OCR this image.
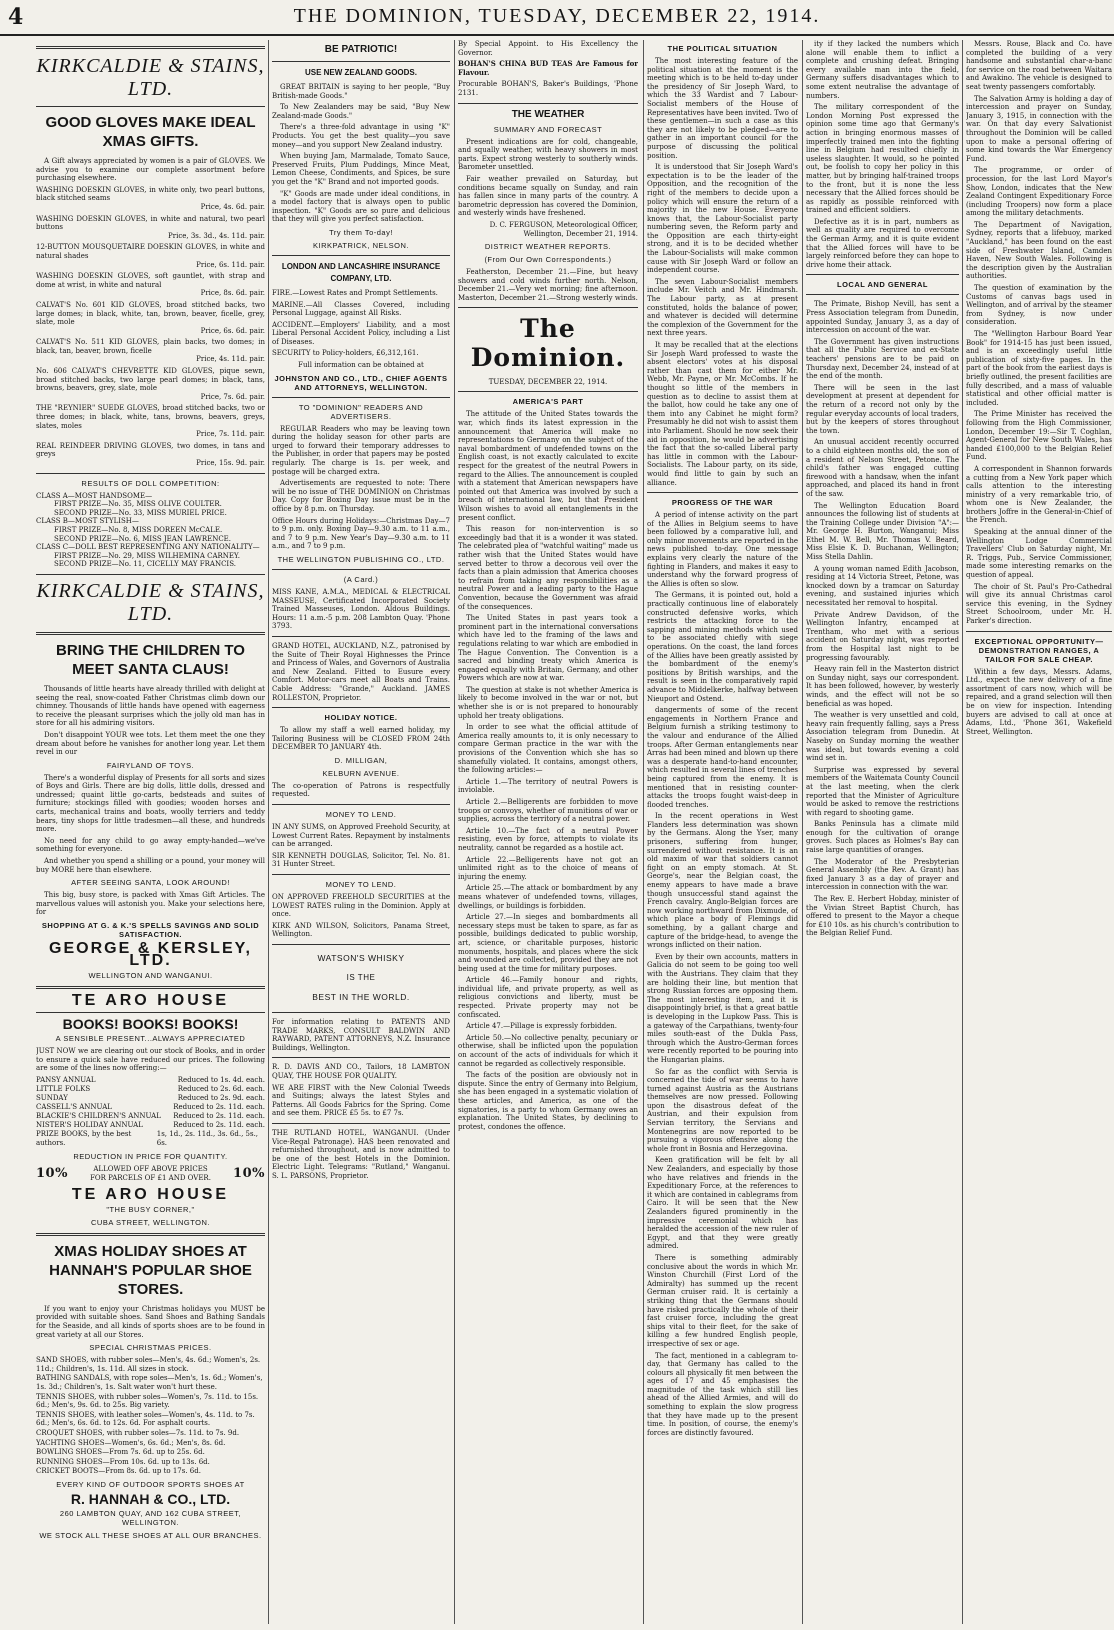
4	THE DOMINION, TUESDAY, DECEMBER 22, 1914.
KIRKCALDIE & STAINS, LTD.
GOOD GLOVES MAKE IDEAL XMAS GIFTS.

A Gift always appreciated by women is a pair of GLOVES. We advise you to examine our complete assortment before purchasing elsewhere.

WASHING DOESKIN GLOVES, in white only, two pearl buttons, black stitched seams
Price, 4s. 6d. pair.
WASHING DOESKIN GLOVES, in white and natural, two pearl buttons
Price, 3s. 3d., 4s. 11d. pair.
12-BUTTON MOUSQUETAIRE DOESKIN GLOVES, in white and natural shades
Price, 6s. 11d. pair.
WASHING DOESKIN GLOVES, soft gauntlet, with strap and dome at wrist, in white and natural
Price, 8s. 6d. pair.
CALVAT'S No. 601 KID GLOVES, broad stitched backs, two large domes; in black, white, tan, brown, beaver, ficelle, grey, slate, mole
Price, 6s. 6d. pair.
CALVAT'S No. 511 KID GLOVES, plain backs, two domes; in black, tan, beaver, brown, ficelle
Price, 4s. 11d. pair.
No. 606 CALVAT'S CHEVRETTE KID GLOVES, pique sewn, broad stitched backs, two large pearl domes; in black, tans, browns, beavers, grey, slate, mole
Price, 7s. 6d. pair.
THE "REYNIER" SUEDE GLOVES, broad stitched backs, two or three domes; in black, white, tans, browns, beavers, greys, slates, moles
Price, 7s. 11d. pair.
REAL REINDEER DRIVING GLOVES, two domes, in tans and greys
Price, 15s. 9d. pair.
RESULTS OF DOLL COMPETITION:
CLASS A—MOST HANDSOME—
FIRST PRIZE—No. 35, MISS OLIVE COULTER.
SECOND PRIZE—No. 33, MISS MURIEL PRICE.
CLASS B—MOST STYLISH—
FIRST PRIZE—No. 8, MISS DOREEN McCALE.
SECOND PRIZE—No. 6, MISS JEAN LAWRENCE.
CLASS C—DOLL BEST REPRESENTING ANY NATIONALITY—
FIRST PRIZE—No. 29, MISS WILHEMINA CARNEY.
SECOND PRIZE—No. 11, CICELLY MAY FRANCIS.
KIRKCALDIE & STAINS, LTD.
BRING THE CHILDREN TO MEET SANTA CLAUS!

Thousands of little hearts have already thrilled with delight at seeing the real, snow-coated Father Christmas climb down our chimney. Thousands of little hands have opened with eagerness to receive the pleasant surprises which the jolly old man has in store for all his admiring visitors.

Don't disappoint YOUR wee tots. Let them meet the one they dream about before he vanishes for another long year. Let them revel in our

FAIRYLAND OF TOYS.

There's a wonderful display of Presents for all sorts and sizes of Boys and Girls. There are big dolls, little dolls, dressed and undressed; quaint little go-carts, bedsteads and suites of furniture; stockings filled with goodies; wooden horses and carts, mechanical trains and boats, woolly terriers and teddy bears, tiny shops for little tradesmen—all these, and hundreds more.

No need for any child to go away empty-handed—we've something for everyone.

And whether you spend a shilling or a pound, your money will buy MORE here than elsewhere.

AFTER SEEING SANTA, LOOK AROUND!

This big, busy store, is packed with Xmas Gift Articles. The marvellous values will astonish you. Make your selections here, for

SHOPPING AT G. & K.'S SPELLS SAVINGS AND SOLID SATISFACTION.
GEORGE & KERSLEY, LTD.
WELLINGTON AND WANGANUI.
TE ARO HOUSE
BOOKS! BOOKS! BOOKS!
A SENSIBLE PRESENT...ALWAYS APPRECIATED

JUST NOW we are clearing out our stock of Books, and in order to ensure a quick sale have reduced our prices. The following are some of the lines now offering:—

PANSY ANNUAL	Reduced to 1s. 4d. each.
LITTLE FOLKS	Reduced to 2s. 6d. each.
SUNDAY	Reduced to 2s. 9d. each.
CASSELL'S ANNUAL	Reduced to 2s. 11d. each.
BLACKIE'S CHILDREN'S ANNUAL Reduced to 2s. 11d. each.
NISTER'S HOLIDAY ANNUAL	Reduced to 2s. 11d. each.
PRIZE BOOKS, by the best authors.
1s, 1d., 2s. 11d., 3s. 6d., 5s., 6s.
REDUCTION IN PRICE FOR QUANTITY.
10%	ALLOWED OFF ABOVE PRICES
FOR PARCELS OF £1 AND OVER. 10%
TE ARO HOUSE
"THE BUSY CORNER,"
CUBA STREET, WELLINGTON.
XMAS HOLIDAY SHOES AT HANNAH'S POPULAR SHOE STORES.

If you want to enjoy your Christmas holidays you MUST be provided with suitable shoes. Sand Shoes and Bathing Sandals for the Seaside, and all kinds of sports shoes are to be found in great variety at all our Stores.

SPECIAL CHRISTMAS PRICES.
SAND SHOES, with rubber soles—Men's, 4s. 6d.; Women's, 2s. 11d.; Children's, 1s. 11d. All sizes in stock.
BATHING SANDALS, with rope soles—Men's, 1s. 6d.; Women's, 1s. 3d.; Children's, 1s. Salt water won't hurt these.
TENNIS SHOES, with rubber soles—Women's, 7s. 11d. to 15s. 6d.; Men's, 9s. 6d. to 25s. Big variety.
TENNIS SHOES, with leather soles—Women's, 4s. 11d. to 7s. 6d.; Men's, 6s. 6d. to 12s. 6d. For asphalt courts.
CROQUET SHOES, with rubber soles—7s. 11d. to 7s. 9d.
YACHTING SHOES—Women's, 6s. 6d.; Men's, 8s. 6d.
BOWLING SHOES—From 7s. 6d. up to 25s. 6d.
RUNNING SHOES—From 10s. 6d. up to 13s. 6d.
CRICKET BOOTS—From 8s. 6d. up to 17s. 6d.
EVERY KIND OF OUTDOOR SPORTS SHOES AT
R. HANNAH & CO., LTD.
260 LAMBTON QUAY, AND 162 CUBA STREET, WELLINGTON.
WE STOCK ALL THESE SHOES AT ALL OUR BRANCHES.
BE PATRIOTIC!
USE NEW ZEALAND GOODS.

GREAT BRITAIN is saying to her people, "Buy British-made Goods."

To New Zealanders may be said, "Buy New Zealand-made Goods."

There's a three-fold advantage in using "K" Products. You get the best quality—you save money—and you support New Zealand industry.

When buying Jam, Marmalade, Tomato Sauce, Preserved Fruits, Plum Puddings, Mince Meat, Lemon Cheese, Condiments, and Spices, be sure you get the "K" Brand and not imported goods.

"K" Goods are made under ideal conditions, in a model factory that is always open to public inspection. "K" Goods are so pure and delicious that they will give you perfect satisfaction.

Try them To-day!
KIRKPATRICK, NELSON.
LONDON AND LANCASHIRE INSURANCE COMPANY, LTD.

FIRE.—Lowest Rates and Prompt Settlements.

MARINE.—All Classes Covered, including Personal Luggage, against All Risks.

ACCIDENT.—Employers' Liability, and a most Liberal Personal Accident Policy, including a List of Diseases.

SECURITY to Policy-holders, £6,312,161.

Full information can be obtained at

JOHNSTON AND CO., LTD., CHIEF AGENTS AND ATTORNEYS, WELLINGTON.
TO "DOMINION" READERS AND ADVERTISERS.

REGULAR Readers who may be leaving town during the holiday season for other parts are urged to forward their temporary addresses to the Publisher, in order that papers may be posted regularly. The charge is 1s. per week, and postage will be charged extra.

Advertisements are requested to note: There will be no issue of THE DOMINION on Christmas Day. Copy for Boxing Day issue must be in the office by 8 p.m. on Thursday.

Office Hours during Holidays:—Christmas Day—7 to 9 p.m. only. Boxing Day—9.30 a.m. to 11 a.m., and 7 to 9 p.m. New Year's Day—9.30 a.m. to 11 a.m., and 7 to 9 p.m.

THE WELLINGTON PUBLISHING CO., LTD.
(A Card.)

MISS KANE, A.M.A., MEDICAL & ELECTRICAL MASSEUSE, Certificated Incorporated Society Trained Masseuses, London. Aldous Buildings. Hours: 11 a.m.-5 p.m. 208 Lambton Quay. 'Phone 3793.

GRAND HOTEL, AUCKLAND, N.Z., patronised by the Suite of Their Royal Highnesses the Prince and Princess of Wales, and Governors of Australia and New Zealand. Fitted to Eusure every Comfort. Motor-cars meet all Boats and Trains. Cable Address: "Grande," Auckland. JAMES ROLLESTON, Proprietor.

HOLIDAY NOTICE.

To allow my staff a well earned holiday, my Tailoring Business will be CLOSED FROM 24th DECEMBER TO JANUARY 4th.

D. MILLIGAN,
KELBURN AVENUE.

The co-operation of Patrons is respectfully requested.

MONEY TO LEND.

IN ANY SUMS, on Approved Freehold Security, at Lowest Current Rates. Repayment by instalments can be arranged.

SIR KENNETH DOUGLAS, Solicitor, Tel. No. 81. 31 Hunter Street.

MONEY TO LEND.

ON APPROVED FREEHOLD SECURITIES at the LOWEST RATES ruling in the Dominion. Apply at once.

KIRK AND WILSON, Solicitors, Panama Street, Wellington.

WATSON'S WHISKY
IS THE
BEST IN THE WORLD.

For information relating to PATENTS AND TRADE MARKS, CONSULT BALDWIN AND RAYWARD, PATENT ATTORNEYS, N.Z. Insurance Buildings, Wellington.

R. D. DAVIS AND CO., Tailors, 18 LAMBTON QUAY, THE HOUSE FOR QUALITY.

WE ARE FIRST with the New Colonial Tweeds and Suitings; always the latest Styles and Patterns. All Goods Fabrics for the Spring. Come and see them. PRICE £5 5s. to £7 7s.

THE RUTLAND HOTEL, WANGANUI. (Under Vice-Regal Patronage). HAS been renovated and refurnished throughout, and is now admitted to be one of the best Hotels in the Dominion. Electric Light. Telegrams: "Rutland," Wanganui. S. L. PARSONS, Proprietor.

By Special Appoint. to His Excellency the Governor.

BOHAN'S CHINA BUD TEAS Are Famous for Flavour.

Procurable BOHAN'S, Baker's Buildings, 'Phone 2131.

THE WEATHER
SUMMARY AND FORECAST

Present indications are for cold, changeable, and squally weather, with heavy showers in most parts. Expect strong westerly to southerly winds. Barometer unsettled.

Fair weather prevailed on Saturday, but conditions became squally on Sunday, and rain has fallen since in many parts of the country. A barometric depression has covered the Dominion, and westerly winds have freshened.

D. C. FERGUSON, Meteorological Officer, Wellington, December 21, 1914.

DISTRICT WEATHER REPORTS.
(From Our Own Correspondents.)

Featherston, December 21.—Fine, but heavy showers and cold winds further north. Nelson, December 21.—Very wet morning; fine afternoon. Masterton, December 21.—Strong westerly winds.

The Dominion.
TUESDAY, DECEMBER 22, 1914.
AMERICA'S PART

The attitude of the United States towards the war, which finds its latest expression in the announcement that America will make no representations to Germany on the subject of the naval bombardment of undefended towns on the English coast, is not exactly calculated to excite respect for the greatest of the neutral Powers in regard to the Allies. The announcement is coupled with a statement that American newspapers have pointed out that America was involved by such a breach of international law, but that President Wilson wishes to avoid all entanglements in the present conflict.

This reason for non-intervention is so exceedingly bad that it is a wonder it was stated. The celebrated plea of "watchful waiting" made us rather wish that the United States would have served better to throw a decorous veil over the facts than a plain admission that America chooses to refrain from taking any responsibilities as a neutral Power and a leading party to the Hague Convention, because the Government was afraid of the consequences.

The United States in past years took a prominent part in the international conversations which have led to the framing of the laws and regulations relating to war which are embodied in The Hague Convention. The Convention is a sacred and binding treaty which America is engaged equally with Britain, Germany, and other Powers which are now at war.

The question at stake is not whether America is likely to become involved in the war or not, but whether she is or is not prepared to honourably uphold her treaty obligations.

In order to see what the official attitude of America really amounts to, it is only necessary to compare German practice in the war with the provisions of the Convention which she has so shamefully violated. It contains, amongst others, the following articles:—

Article 1.—The territory of neutral Powers is inviolable.

Article 2.—Belligerents are forbidden to move troops or convoys, whether of munitions of war or supplies, across the territory of a neutral power.

Article 10.—The fact of a neutral Power resisting, even by force, attempts to violate its neutrality, cannot be regarded as a hostile act.

Article 22.—Belligerents have not got an unlimited right as to the choice of means of injuring the enemy.

Article 25.—The attack or bombardment by any means whatever of undefended towns, villages, dwellings, or buildings is forbidden.

Article 27.—In sieges and bombardments all necessary steps must be taken to spare, as far as possible, buildings dedicated to public worship, art, science, or charitable purposes, historic monuments, hospitals, and places where the sick and wounded are collected, provided they are not being used at the time for military purposes.

Article 46.—Family honour and rights, individual life, and private property, as well as religious convictions and liberty, must be respected. Private property may not be confiscated.

Article 47.—Pillage is expressly forbidden.

Article 50.—No collective penalty, pecuniary or otherwise, shall be inflicted upon the population on account of the acts of individuals for which it cannot be regarded as collectively responsible.

The facts of the position are obviously not in dispute. Since the entry of Germany into Belgium, she has been engaged in a systematic violation of these articles, and America, as one of the signatories, is a party to whom Germany owes an explanation. The United States, by declining to protest, condones the offence.

THE POLITICAL SITUATION

The most interesting feature of the political situation at the moment is the meeting which is to be held to-day under the presidency of Sir Joseph Ward, to which the 33 Wardist and 7 Labour-Socialist members of the House of Representatives have been invited. Two of these gentlemen—in such a case as this they are not likely to be pledged—are to gather in an important council for the purpose of discussing the political position.

It is understood that Sir Joseph Ward's expectation is to be the leader of the Opposition, and the recognition of the right of the members to decide upon a policy which will ensure the return of a majority in the new House. Everyone knows that, the Labour-Socialist party numbering seven, the Reform party and the Opposition are each thirty-eight strong, and it is to be decided whether the Labour-Socialists will make common cause with Sir Joseph Ward or follow an independent course.

The seven Labour-Socialist members include Mr. Veitch and Mr. Hindmarsh. The Labour party, as at present constituted, holds the balance of power, and whatever is decided will determine the complexion of the Government for the next three years.

It may be recalled that at the elections Sir Joseph Ward professed to waste the absent electors' votes at his disposal rather than cast them for either Mr. Webb, Mr. Payne, or Mr. McCombs. If he thought so little of the members in question as to decline to assist them at the ballot, how could he take any one of them into any Cabinet he might form? Presumably he did not wish to assist them into Parliament. Should he now seek their aid in opposition, he would be advertising the fact that the so-called Liberal party has little in common with the Labour-Socialists. The Labour party, on its side, would find little to gain by such an alliance.

PROGRESS OF THE WAR

A period of intense activity on the part of the Allies in Belgium seems to have been followed by a comparative lull, and only minor movements are reported in the news published to-day. One message explains very clearly the nature of the fighting in Flanders, and makes it easy to understand why the forward progress of the Allies is often so slow.

The Germans, it is pointed out, hold a practically continuous line of elaborately constructed defensive works, which restricts the attacking force to the sapping and mining methods which used to be associated chiefly with siege operations. On the coast, the land forces of the Allies have been greatly assisted by the bombardment of the enemy's positions by British warships, and the result is seen in the comparatively rapid advance to Middelkerke, halfway between Nieuport and Ostend.

dangerments of some of the recent engagements in Northern France and Belgium furnish a striking testimony to the valour and endurance of the Allied troops. After German entanglements near Arras had been mined and blown up there was a desperate hand-to-hand encounter, which resulted in several lines of trenches being captured from the enemy. It is mentioned that in resisting counter-attacks the troops fought waist-deep in flooded trenches.

In the recent operations in West Flanders less determination was shown by the Germans. Along the Yser, many prisoners, suffering from hunger, surrendered without resistance. It is an old maxim of war that soldiers cannot fight on an empty stomach. At St. George's, near the Belgian coast, the enemy appears to have made a brave though unsuccessful stand against the French cavalry. Anglo-Belgian forces are now working northward from Dixmude, of which place a body of Flemings did something, by a gallant charge and capture of the bridge-head, to avenge the wrongs inflicted on their nation.

Even by their own accounts, matters in Galicia do not seem to be going too well with the Austrians. They claim that they are holding their line, but mention that strong Russian forces are opposing them. The most interesting item, and it is disappointingly brief, is that a great battle is developing in the Lupkow Pass. This is a gateway of the Carpathians, twenty-four miles south-east of the Dukla Pass, through which the Austro-German forces were recently reported to be pouring into the Hungarian plains.

So far as the conflict with Servia is concerned the tide of war seems to have turned against Austria as the Austrians themselves are now pressed. Following upon the disastrous defeat of the Austrian, and their expulsion from Servian territory, the Servians and Montenegrins are now reported to be pursuing a vigorous offensive along the whole front in Bosnia and Herzegovina.

Keen gratification will be felt by all New Zealanders, and especially by those who have relatives and friends in the Expeditionary Force, at the references to it which are contained in cablegrams from Cairo. It will be seen that the New Zealanders figured prominently in the impressive ceremonial which has heralded the accession of the new ruler of Egypt, and that they were greatly admired.

There is something admirably conclusive about the words in which Mr. Winston Churchill (First Lord of the Admiralty) has summed up the recent German cruiser raid. It is certainly a striking thing that the Germans should have risked practically the whole of their fast cruiser force, including the great ships vital to their fleet, for the sake of killing a few hundred English people, irrespective of sex or age.

The fact, mentioned in a cablegram to-day, that Germany has called to the colours all physically fit men between the ages of 17 and 45 emphasises the magnitude of the task which still lies ahead of the Allied Armies, and will do something to explain the slow progress that they have made up to the present time. In position, of course, the enemy's forces are distinctly favoured.

ity if they lacked the numbers which alone will enable them to inflict a complete and crushing defeat. Bringing every available man into the field, Germany suffers disadvantages which to some extent neutralise the advantage of numbers.

The military correspondent of the London Morning Post expressed the opinion some time ago that Germany's action in bringing enormous masses of imperfectly trained men into the fighting line in Belgium had resulted chiefly in useless slaughter. It would, so he pointed out, be foolish to copy her policy in this matter, but by bringing half-trained troops to the front, but it is none the less necessary that the Allied forces should be as rapidly as possible reinforced with trained and efficient soldiers.

Defective as it is in part, numbers as well as quality are required to overcome the German Army, and it is quite evident that the Allied forces will have to be largely reinforced before they can hope to drive home their attack.

LOCAL AND GENERAL

The Primate, Bishop Nevill, has sent a Press Association telegram from Dunedin, appointed Sunday, January 3, as a day of intercession on account of the war.

The Government has given instructions that all the Public Service and ex-State teachers' pensions are to be paid on Thursday next, December 24, instead of at the end of the month.

There will be seen in the last development at present at dependent for the return of a record not only by the regular everyday accounts of local traders, but by the keepers of stores throughout the town.

An unusual accident recently occurred to a child eighteen months old, the son of a resident of Nelson Street, Petone. The child's father was engaged cutting firewood with a handsaw, when the infant approached, and placed its hand in front of the saw.

The Wellington Education Board announces the following list of students at the Training College under Division "A":—Mr. George H. Burton, Wanganui; Miss Ethel M. W. Bell, Mr. Thomas V. Beard, Miss Elsie K. D. Buchanan, Wellington; Miss Stella Dahlin.

A young woman named Edith Jacobson, residing at 14 Victoria Street, Petone, was knocked down by a tramcar on Saturday evening, and sustained injuries which necessitated her removal to hospital.

Private Andrew Davidson, of the Wellington Infantry, encamped at Trentham, who met with a serious accident on Saturday night, was reported from the Hospital last night to be progressing favourably.

Heavy rain fell in the Masterton district on Sunday night, says our correspondent. It has been followed, however, by westerly winds, and the effect will not be so beneficial as was hoped.

The weather is very unsettled and cold, heavy rain frequently falling, says a Press Association telegram from Dunedin. At Naseby on Sunday morning the weather was ideal, but towards evening a cold wind set in.

Surprise was expressed by several members of the Waitemata County Council at the last meeting, when the clerk reported that the Minister of Agriculture would be asked to remove the restrictions with regard to shooting game.

Banks Peninsula has a climate mild enough for the cultivation of orange groves. Such places as Holmes's Bay can raise large quantities of oranges.

The Moderator of the Presbyterian General Assembly (the Rev. A. Grant) has fixed January 3 as a day of prayer and intercession in connection with the war.

The Rev. E. Herbert Hobday, minister of the Vivian Street Baptist Church, has offered to present to the Mayor a cheque for £10 10s. as his church's contribution to the Belgian Relief Fund.

Messrs. Rouse, Black and Co. have completed the building of a very handsome and substantial char-a-banc for service on the road between Waitara and Awakino. The vehicle is designed to seat twenty passengers comfortably.

The Salvation Army is holding a day of intercession and prayer on Sunday, January 3, 1915, in connection with the war. On that day every Salvationist throughout the Dominion will be called upon to make a personal offering of some kind towards the War Emergency Fund.

The programme, or order of procession, for the last Lord Mayor's Show, London, indicates that the New Zealand Contingent Expeditionary Force (including Troopers) now form a place among the military detachments.

The Department of Navigation, Sydney, reports that a lifebuoy, marked "Auckland," has been found on the east side of Freshwater Island, Camden Haven, New South Wales. Following is the description given by the Australian authorities.

The question of examination by the Customs of canvas bags used in Wellington, and of arrival by the steamer from Sydney, is now under consideration.

The "Wellington Harbour Board Year Book" for 1914-15 has just been issued, and is an exceedingly useful little publication of sixty-five pages. In the part of the book from the earliest days is briefly outlined, the present facilities are fully described, and a mass of valuable statistical and other official matter is included.

The Prime Minister has received the following from the High Commissioner, London, December 19:—Sir T. Coghlan, Agent-General for New South Wales, has handed £100,000 to the Belgian Relief Fund.

A correspondent in Shannon forwards a cutting from a New York paper which calls attention to the interesting ministry of a very remarkable trio, of whom one is New Zealander, the brothers Joffre in the General-in-Chief of the French.

Speaking at the annual dinner of the Wellington Lodge Commercial Travellers' Club on Saturday night, Mr. R. Triggs, Pub., Service Commissioner, made some interesting remarks on the question of appeal.

The choir of St. Paul's Pro-Cathedral will give its annual Christmas carol service this evening, in the Sydney Street Schoolroom, under Mr. H. Parker's direction.

EXCEPTIONAL OPPORTUNITY—DEMONSTRATION RANGES, A TAILOR FOR SALE CHEAP.

Within a few days, Messrs. Adams, Ltd., expect the new delivery of a fine assortment of cars now, which will be repaired, and a grand selection will then be on view for inspection. Intending buyers are advised to call at once at Adams, Ltd., 'Phone 361, Wakefield Street, Wellington.
